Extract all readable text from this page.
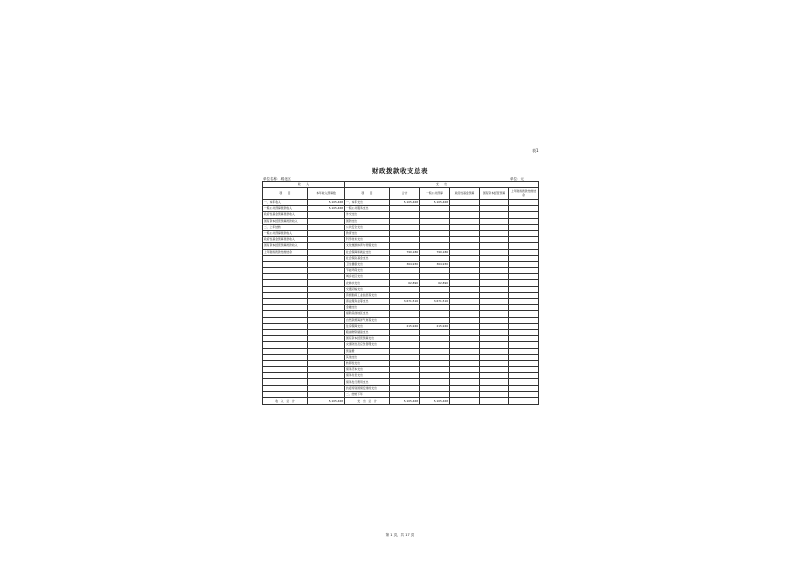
表1
财政拨款收支总表
单位名称：城北区	单位：元
收　　入		支　　出					
项　　目	本年收入预算数	项　　目	合计	一般公共预算	政府性基金预算	国有资本经营预算	上年财政拨款结转结余
一、本年收入	5,105,468	一、本年支出	5,105,468	5,105,468			
一般公共预算拨款收入	5,105,468	一般公共服务支出					
政府性基金预算拨款收入		外交支出					
国有资本经营预算拨款收入		国防支出					
二、上年结转		公共安全支出					
一般公共预算拨款收入		教育支出					
政府性基金预算拨款收入		科学技术支出					
国有资本经营预算拨款收入		文化旅游体育与传媒支出					
上年财政拨款结转结余		社会保障和就业支出	790,186	790,186			
		社会保险基金支出					
		卫生健康支出	364,930	364,930			
		节能环保支出					
		城乡社区支出					
		农林水支出	62,890	62,890			
		交通运输支出					
		资源勘探工业信息等支出					
		商业服务业等支出	3,671,516	3,671,516			
		金融支出					
		援助其他地区支出					
		自然资源海洋气象等支出					
		住房保障支出	215,946	215,946			
		粮油物资储备支出					
		国有资本经营预算支出					
		灾害防治及应急管理支出					
		预备费					
		其他支出					
		转移性支出					
		债务还本支出					
		债务付息支出					
		债务发行费用支出					
		抗疫特别国债安排的支出					
		二、结转下年					
收　入　总　计	5,105,468	支　出　总　计	5,105,468	5,105,468			
第 1 页，共 17 页
